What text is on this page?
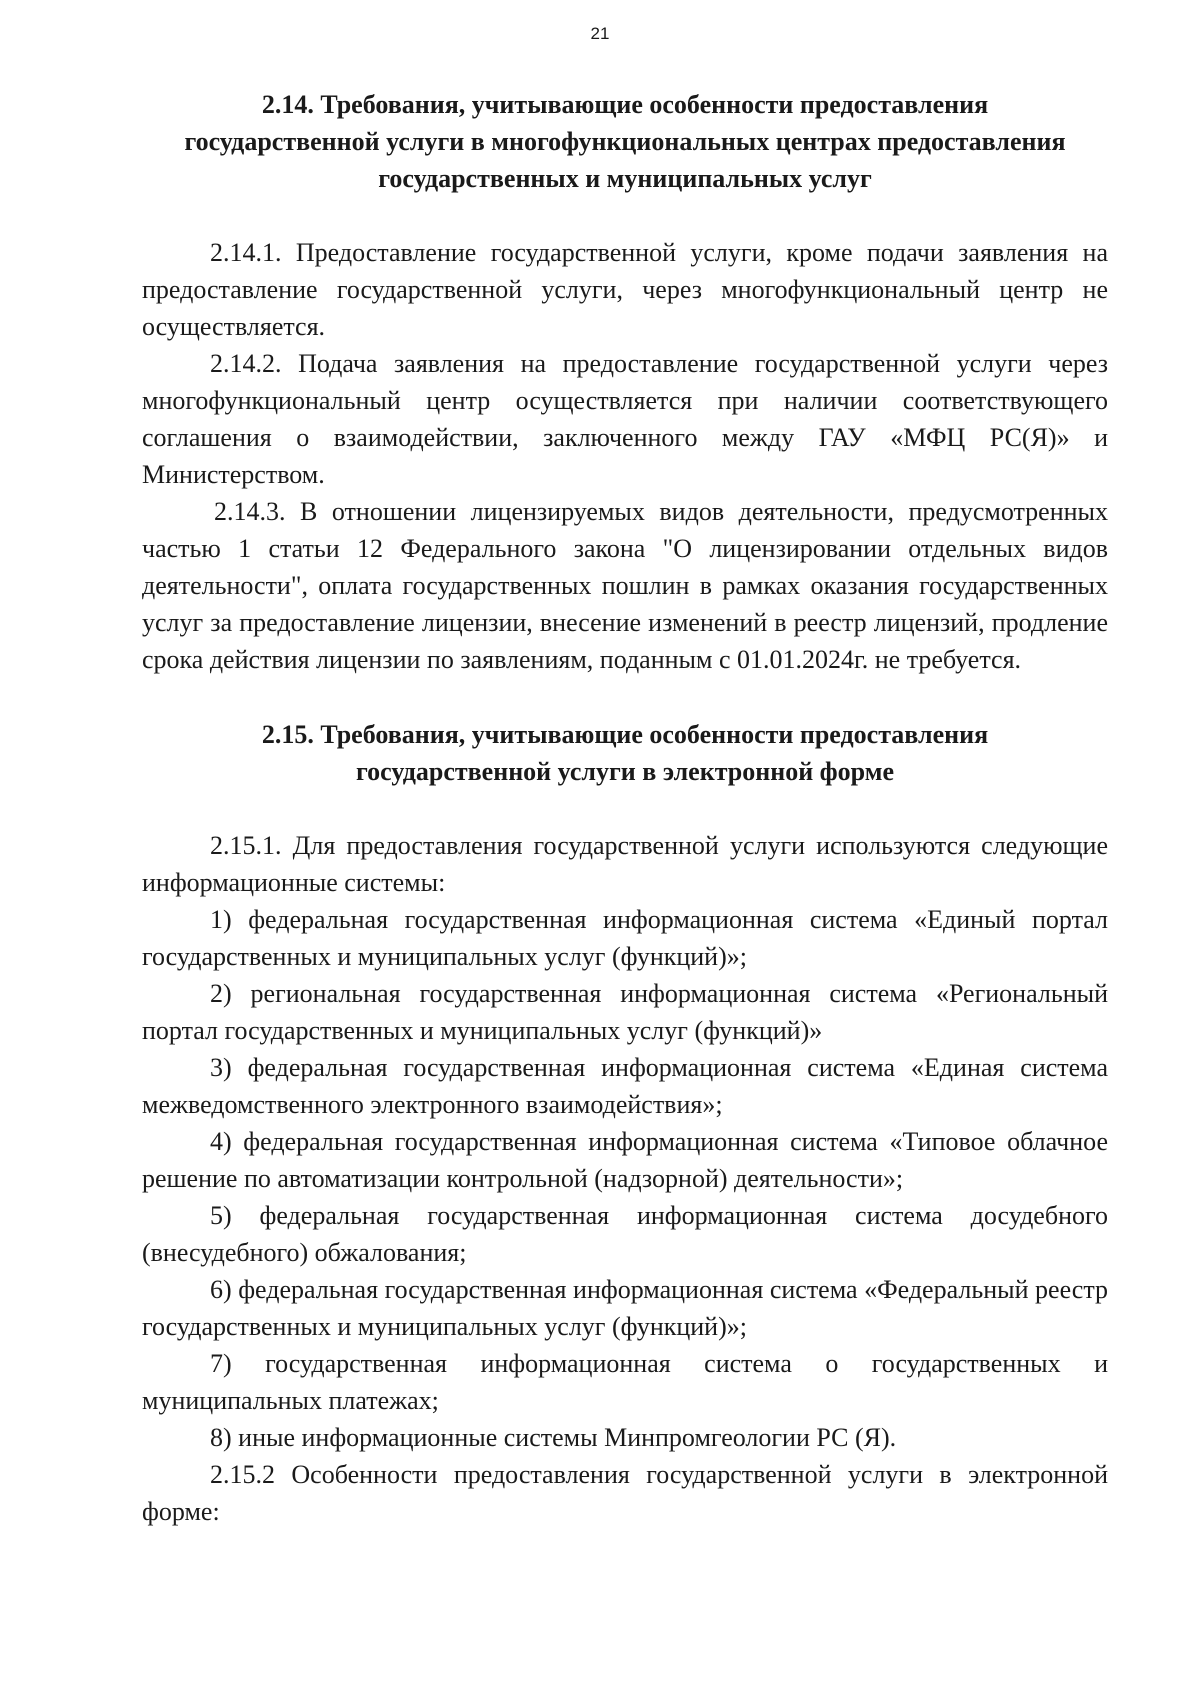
21
2.14. Требования, учитывающие особенности предоставления
государственной услуги в многофункциональных центрах предоставления
государственных и муниципальных услуг

2.14.1. Предоставление государственной услуги, кроме подачи заявления на предоставление государственной услуги, через многофункциональный центр не осуществляется.

2.14.2. Подача заявления на предоставление государственной услуги через многофункциональный центр осуществляется при наличии соответствующего соглашения о взаимодействии, заключенного между ГАУ «МФЦ РС(Я)» и Министерством.

2.14.3. В отношении лицензируемых видов деятельности, предусмотренных частью 1 статьи 12 Федерального закона "О лицензировании отдельных видов деятельности", оплата государственных пошлин в рамках оказания государственных услуг за предоставление лицензии, внесение изменений в реестр лицензий, продление срока действия лицензии по заявлениям, поданным с 01.01.2024г. не требуется.

2.15. Требования, учитывающие особенности предоставления
государственной услуги в электронной форме

2.15.1. Для предоставления государственной услуги используются следующие информационные системы:

1) федеральная государственная информационная система «Единый портал государственных и муниципальных услуг (функций)»;

2) региональная государственная информационная система «Региональный портал государственных и муниципальных услуг (функций)»

3) федеральная государственная информационная система «Единая система межведомственного электронного взаимодействия»;

4) федеральная государственная информационная система «Типовое облачное решение по автоматизации контрольной (надзорной) деятельности»;

5) федеральная государственная информационная система досудебного (внесудебного) обжалования;

6) федеральная государственная информационная система «Федеральный реестр государственных и муниципальных услуг (функций)»;

7) государственная информационная система о государственных и муниципальных платежах;

8) иные информационные системы Минпромгеологии РС (Я).

2.15.2 Особенности предоставления государственной услуги в электронной форме:
